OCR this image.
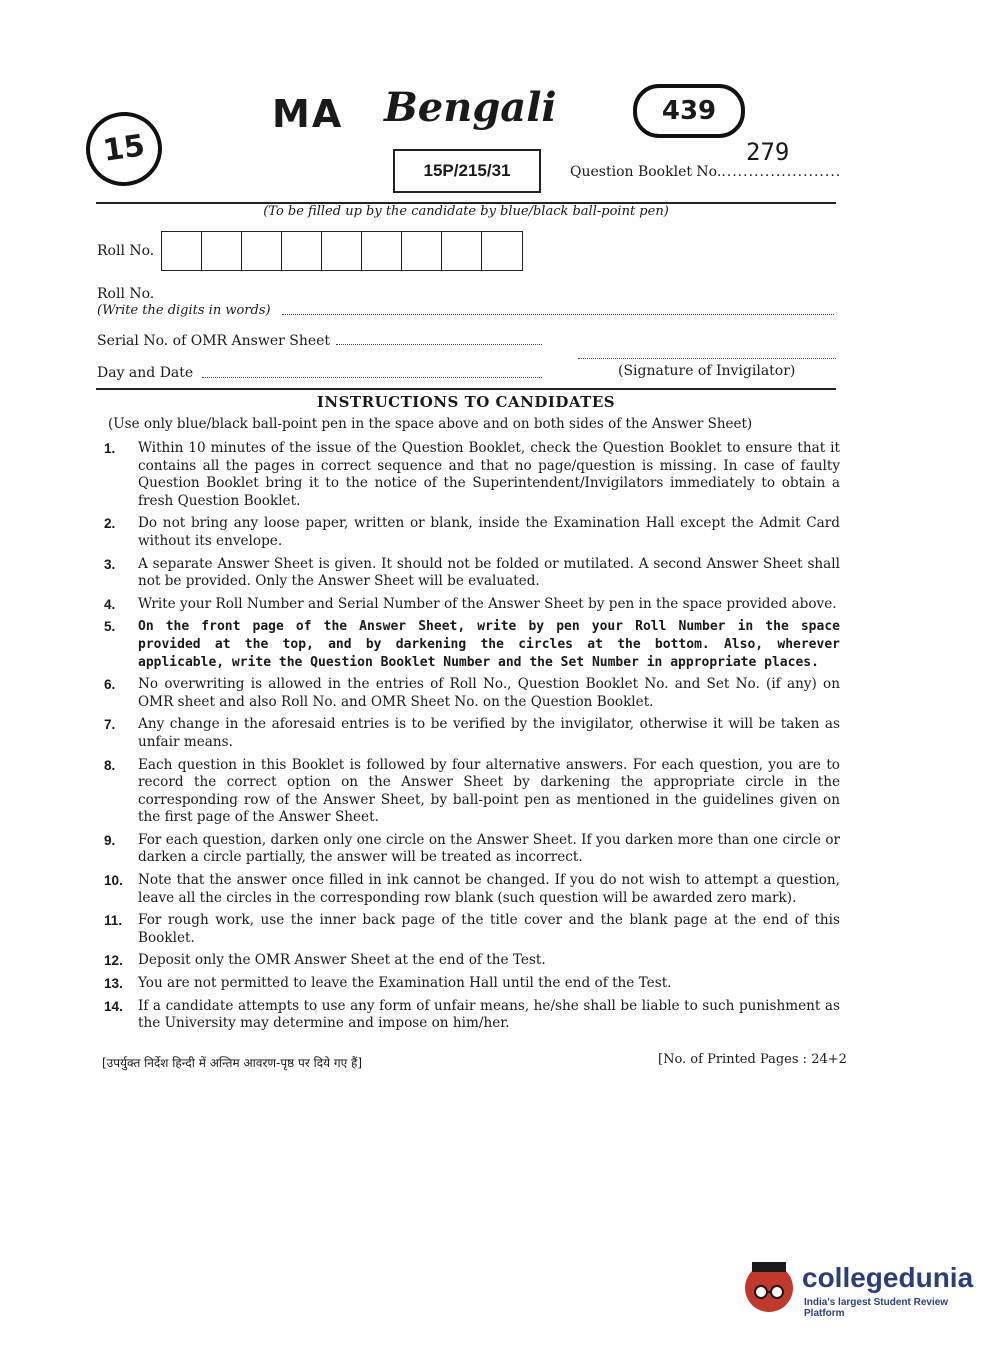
15
MA Bengali	439
279
15P/215/31	Question Booklet No.......................
(To be filled up by the candidate by blue/black ball-point pen)
Roll No.
Roll No.
(Write the digits in words)
Serial No. of OMR Answer Sheet
Day and Date	(Signature of Invigilator)
INSTRUCTIONS TO CANDIDATES
(Use only blue/black ball-point pen in the space above and on both sides of the Answer Sheet)
1.	Within 10 minutes of the issue of the Question Booklet, check the Question Booklet to ensure that it contains all the pages in correct sequence and that no page/question is missing. In case of faulty Question Booklet bring it to the notice of the Superintendent/Invigilators immediately to obtain a fresh Question Booklet.
2.	Do not bring any loose paper, written or blank, inside the Examination Hall except the Admit Card without its envelope.
3.	A separate Answer Sheet is given. It should not be folded or mutilated. A second Answer Sheet shall not be provided. Only the Answer Sheet will be evaluated.
4.	Write your Roll Number and Serial Number of the Answer Sheet by pen in the space provided above.
5.	On the front page of the Answer Sheet, write by pen your Roll Number in the space provided at the top, and by darkening the circles at the bottom. Also, wherever applicable, write the Question Booklet Number and the Set Number in appropriate places.
6.	No overwriting is allowed in the entries of Roll No., Question Booklet No. and Set No. (if any) on OMR sheet and also Roll No. and OMR Sheet No. on the Question Booklet.
7.	Any change in the aforesaid entries is to be verified by the invigilator, otherwise it will be taken as unfair means.
8.	Each question in this Booklet is followed by four alternative answers. For each question, you are to record the correct option on the Answer Sheet by darkening the appropriate circle in the corresponding row of the Answer Sheet, by ball-point pen as mentioned in the guidelines given on the first page of the Answer Sheet.
9.	For each question, darken only one circle on the Answer Sheet. If you darken more than one circle or darken a circle partially, the answer will be treated as incorrect.
10.	Note that the answer once filled in ink cannot be changed. If you do not wish to attempt a question, leave all the circles in the corresponding row blank (such question will be awarded zero mark).
11.	For rough work, use the inner back page of the title cover and the blank page at the end of this Booklet.
12.	Deposit only the OMR Answer Sheet at the end of the Test.
13.	You are not permitted to leave the Examination Hall until the end of the Test.
14.	If a candidate attempts to use any form of unfair means, he/she shall be liable to such punishment as the University may determine and impose on him/her.
[उपर्युक्त निर्देश हिन्दी में अन्तिम आवरण-पृष्ठ पर दिये गए हैं]	[No. of Printed Pages : 24+2
collegedunia
India's largest Student Review Platform
